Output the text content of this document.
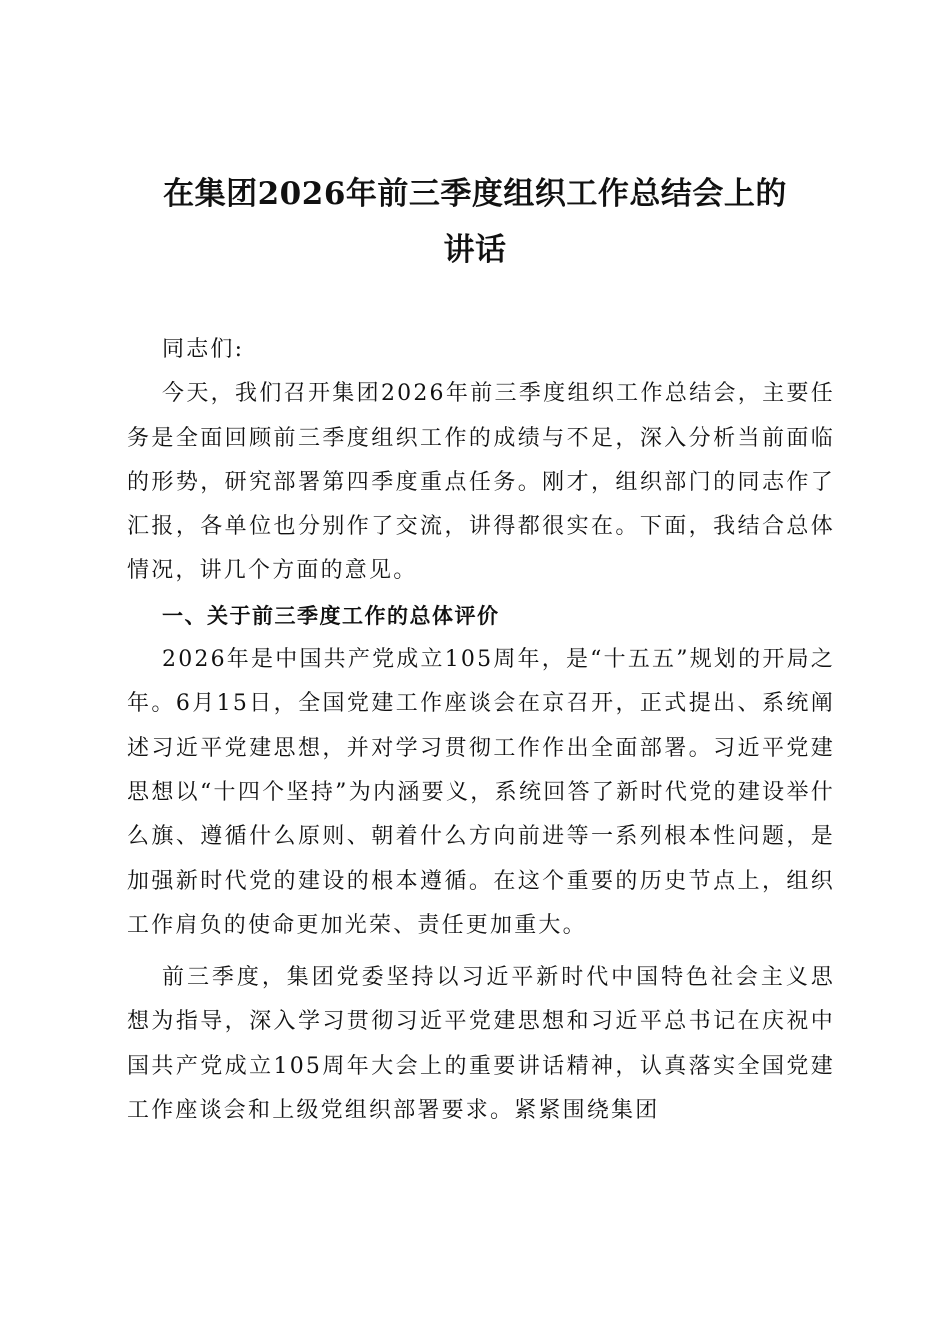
在集团2026年前三季度组织工作总结会上的
讲话

同志们:

今天，我们召开集团2026年前三季度组织工作总结会，主要任务是全面回顾前三季度组织工作的成绩与不足，深入分析当前面临的形势，研究部署第四季度重点任务。刚才，组织部门的同志作了汇报，各单位也分别作了交流，讲得都很实在。下面，我结合总体情况，讲几个方面的意见。

一、关于前三季度工作的总体评价

2026年是中国共产党成立105周年，是“十五五”规划的开局之年。6月15日，全国党建工作座谈会在京召开，正式提出、系统阐述习近平党建思想，并对学习贯彻工作作出全面部署。习近平党建思想以“十四个坚持”为内涵要义，系统回答了新时代党的建设举什么旗、遵循什么原则、朝着什么方向前进等一系列根本性问题，是加强新时代党的建设的根本遵循。在这个重要的历史节点上，组织工作肩负的使命更加光荣、责任更加重大。

前三季度，集团党委坚持以习近平新时代中国特色社会主义思想为指导，深入学习贯彻习近平党建思想和习近平总书记在庆祝中国共产党成立105周年大会上的重要讲话精神，认真落实全国党建工作座谈会和上级党组织部署要求。紧紧围绕集团
